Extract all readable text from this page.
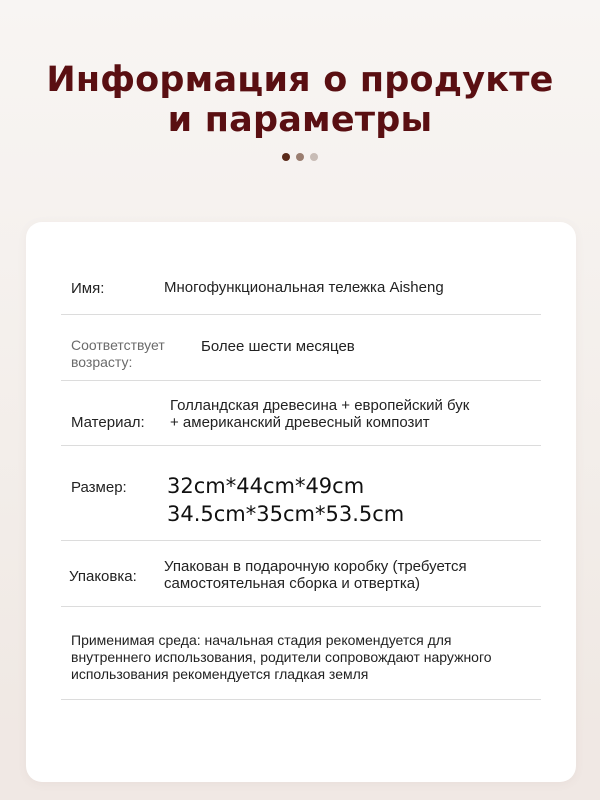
Информация о продукте
и параметры

Имя:	Многофункциональная тележка Aisheng
Соответствует
возрасту:
Более шести месяцев
Материал:
Голландская древесина + европейский бук
+ американский древесный композит
Размер: 32cm*44cm*49cm
34.5cm*35cm*53.5cm
Упаковка:
Упакован в подарочную коробку (требуется
самостоятельная сборка и отвертка)
Применимая среда: начальная стадия рекомендуется для
внутреннего использования, родители сопровождают наружного
использования рекомендуется гладкая земля
